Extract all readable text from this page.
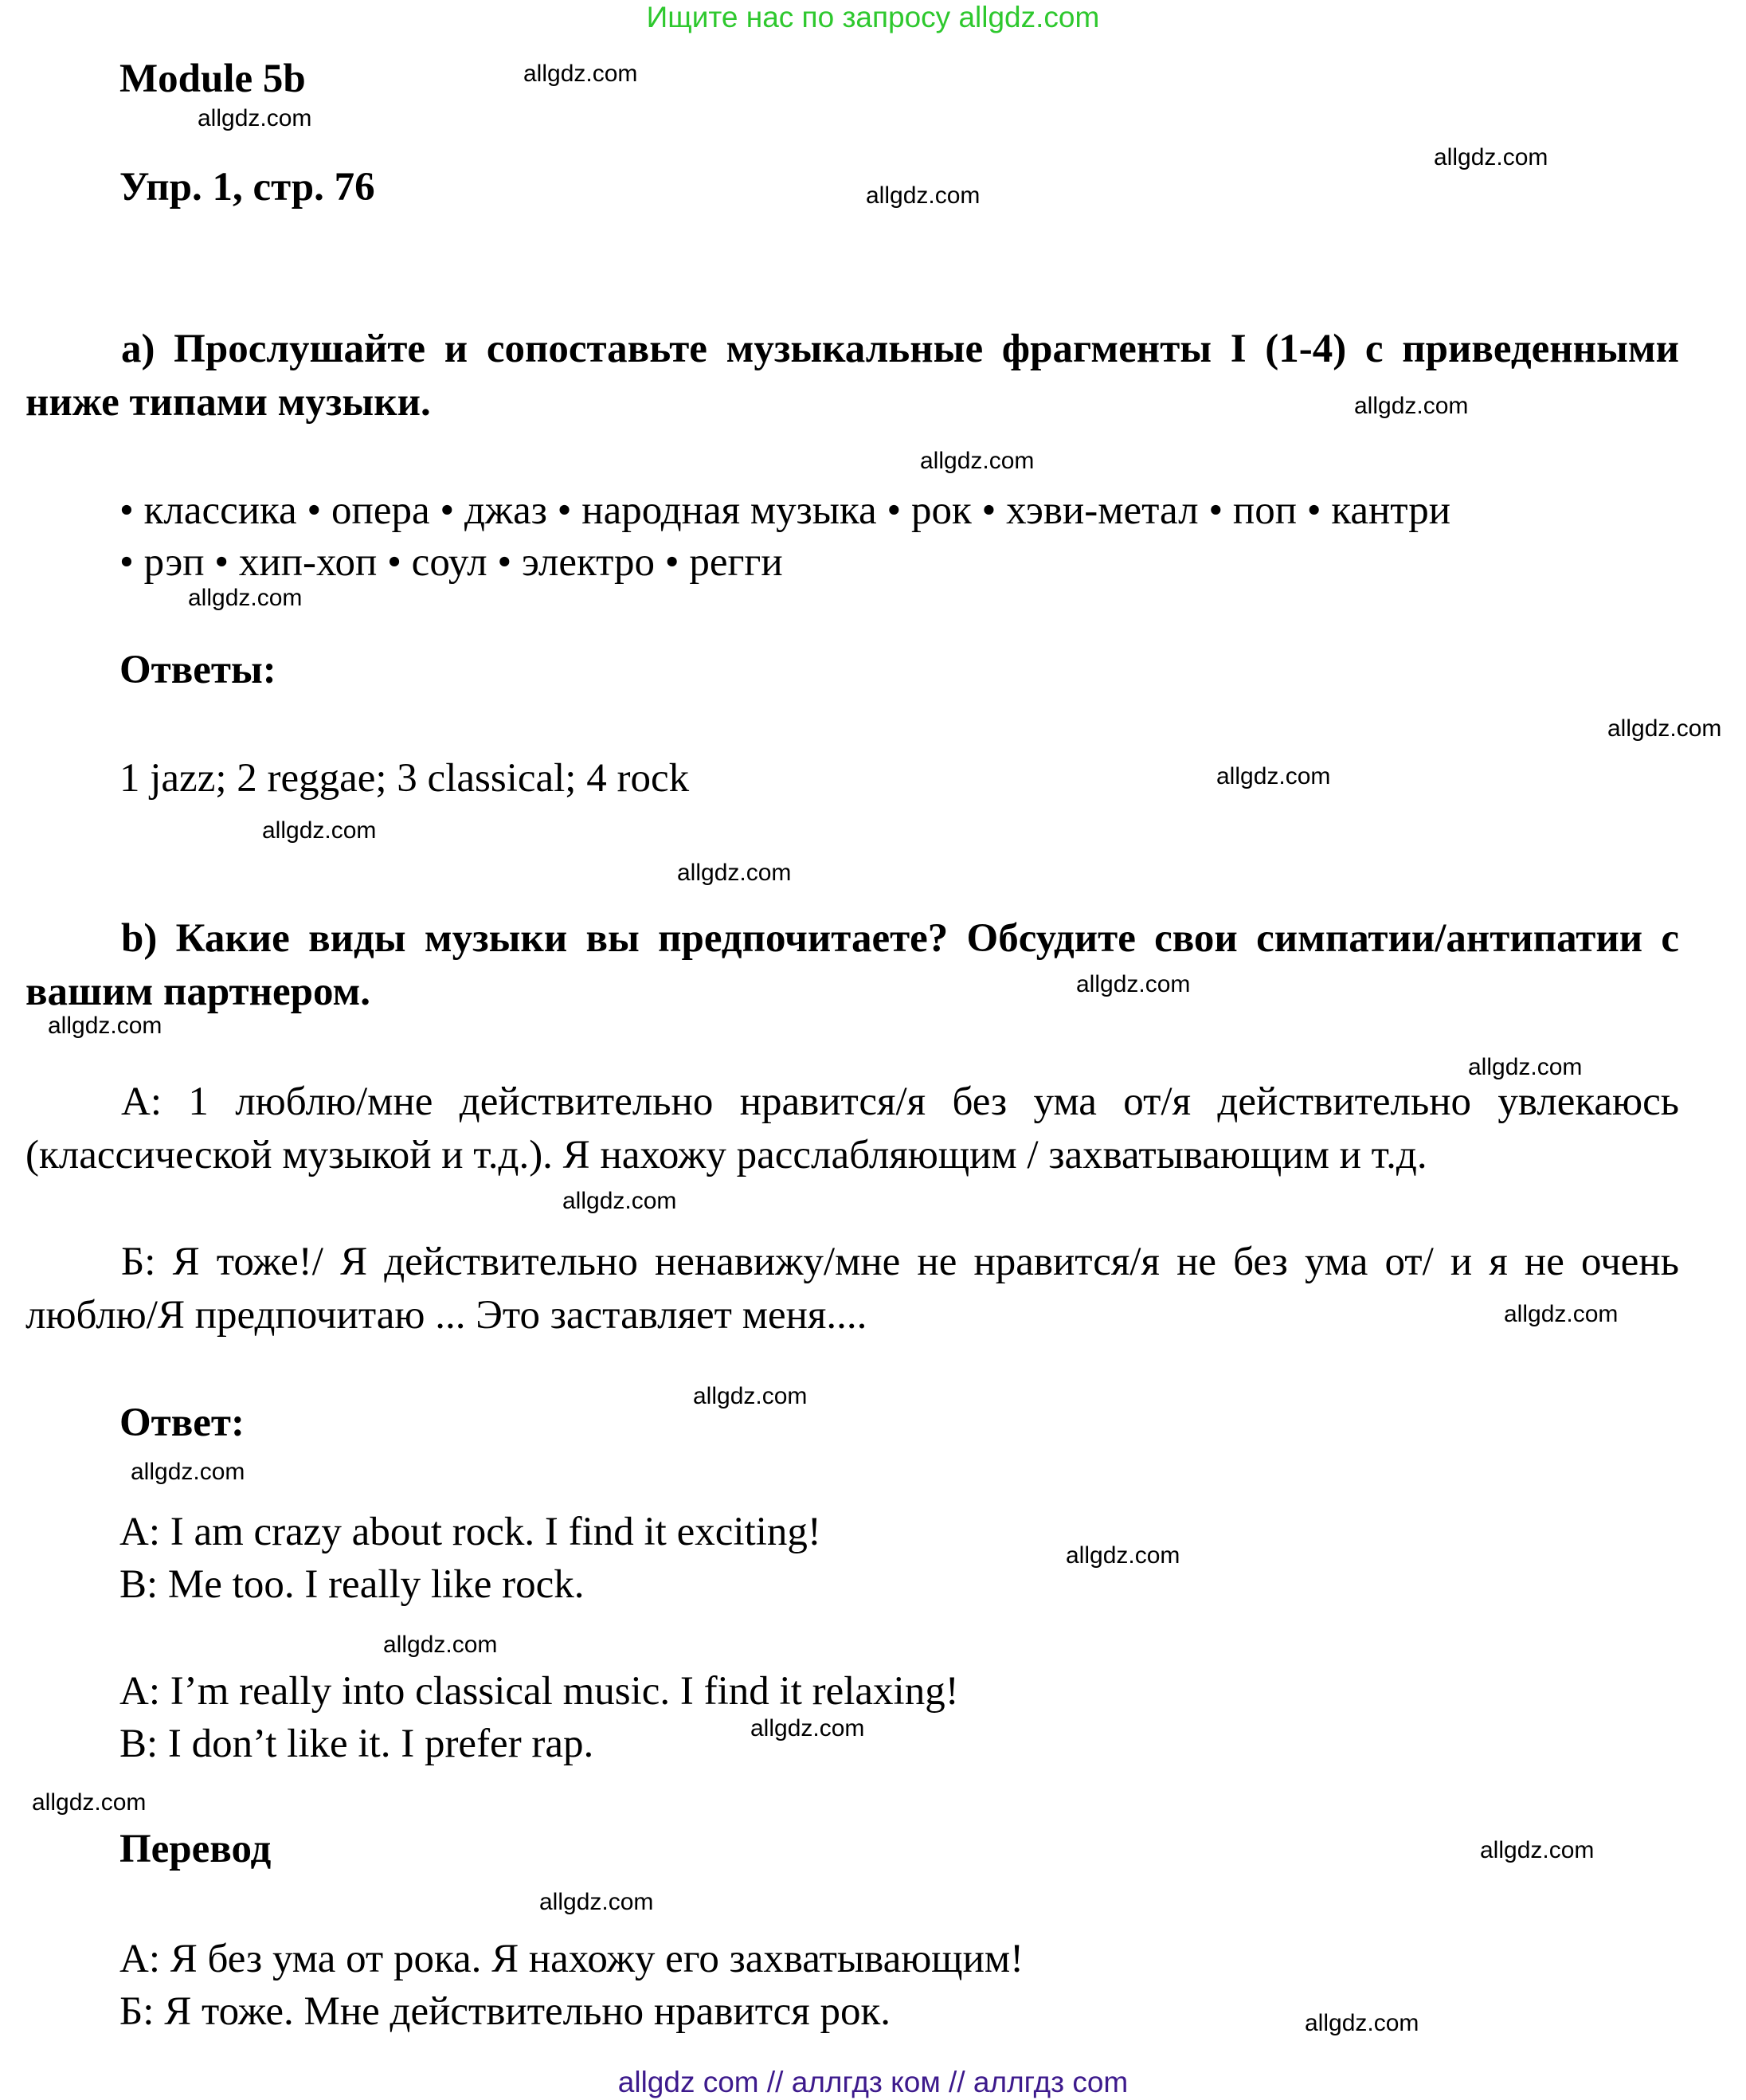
Ищите нас по запросу allgdz.com
Module 5b
Упр. 1, стр. 76
а) Прослушайте и сопоставьте музыкальные фрагменты I (1-4) с приведенными ниже типами музыки.
• классика • опера • джаз • народная музыка • рок • хэви-метал • поп • кантри
• рэп • хип-хоп • соул • электро • регги
Ответы:
1 jazz; 2 reggae; 3 classical; 4 rock
b) Какие виды музыки вы предпочитаете? Обсудите свои симпатии/антипатии с вашим партнером.
А: 1 люблю/мне действительно нравится/я без ума от/я действительно увлекаюсь (классической музыкой и т.д.). Я нахожу расслабляющим / захватывающим и т.д.
Б: Я тоже!/ Я действительно ненавижу/мне не нравится/я не без ума от/ и я не очень люблю/Я предпочитаю ... Это заставляет меня....
Ответ:
A: I am crazy about rock. I find it exciting!
B: Me too. I really like rock.
A: I’m really into classical music. I find it relaxing!
B: I don’t like it. I prefer rap.
Перевод
А: Я без ума от рока. Я нахожу его захватывающим!
Б: Я тоже. Мне действительно нравится рок.
allgdz.com
allgdz.com
allgdz.com
allgdz.com
allgdz.com
allgdz.com
allgdz.com
allgdz.com
allgdz.com
allgdz.com
allgdz.com
allgdz.com
allgdz.com
allgdz.com
allgdz.com
allgdz.com
allgdz.com
allgdz.com
allgdz.com
allgdz.com
allgdz.com
allgdz.com
allgdz.com
allgdz.com
allgdz.com
allgdz com // аллгдз ком // аллгдз com
